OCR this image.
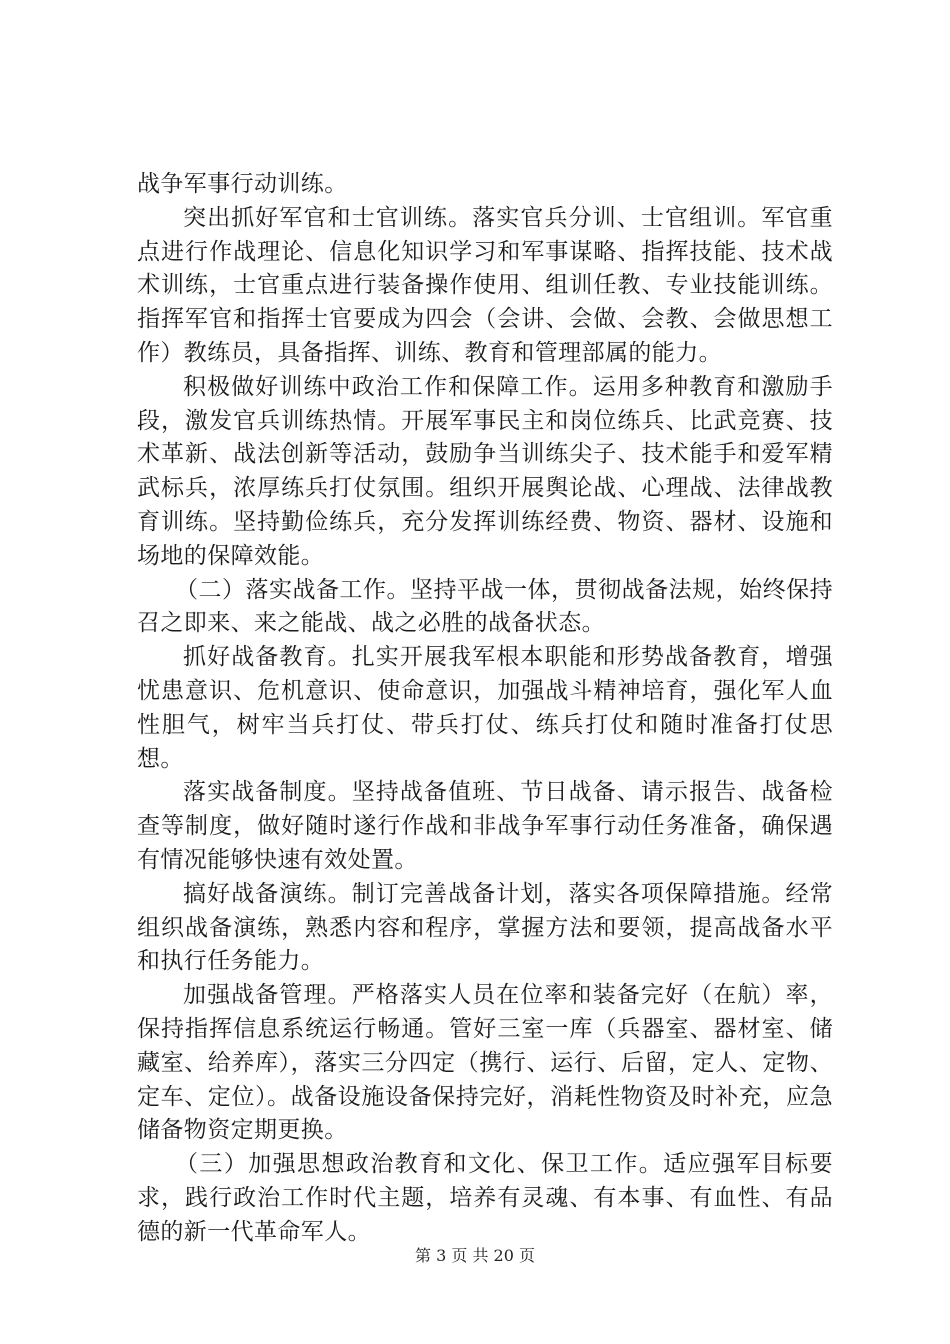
战争军事行动训练。

突出抓好军官和士官训练。落实官兵分训、士官组训。军官重点进行作战理论、信息化知识学习和军事谋略、指挥技能、技术战术训练，士官重点进行装备操作使用、组训任教、专业技能训练。指挥军官和指挥士官要成为四会（会讲、会做、会教、会做思想工作）教练员，具备指挥、训练、教育和管理部属的能力。

积极做好训练中政治工作和保障工作。运用多种教育和激励手段，激发官兵训练热情。开展军事民主和岗位练兵、比武竞赛、技术革新、战法创新等活动，鼓励争当训练尖子、技术能手和爱军精武标兵，浓厚练兵打仗氛围。组织开展舆论战、心理战、法律战教育训练。坚持勤俭练兵，充分发挥训练经费、物资、器材、设施和场地的保障效能。

（二）落实战备工作。坚持平战一体，贯彻战备法规，始终保持召之即来、来之能战、战之必胜的战备状态。

抓好战备教育。扎实开展我军根本职能和形势战备教育，增强忧患意识、危机意识、使命意识，加强战斗精神培育，强化军人血性胆气，树牢当兵打仗、带兵打仗、练兵打仗和随时准备打仗思想。

落实战备制度。坚持战备值班、节日战备、请示报告、战备检查等制度，做好随时遂行作战和非战争军事行动任务准备，确保遇有情况能够快速有效处置。

搞好战备演练。制订完善战备计划，落实各项保障措施。经常组织战备演练，熟悉内容和程序，掌握方法和要领，提高战备水平和执行任务能力。

加强战备管理。严格落实人员在位率和装备完好（在航）率，保持指挥信息系统运行畅通。管好三室一库（兵器室、器材室、储藏室、给养库），落实三分四定（携行、运行、后留，定人、定物、定车、定位）。战备设施设备保持完好，消耗性物资及时补充，应急储备物资定期更换。

（三）加强思想政治教育和文化、保卫工作。适应强军目标要求，践行政治工作时代主题，培养有灵魂、有本事、有血性、有品德的新一代革命军人。

第 3 页 共 20 页
